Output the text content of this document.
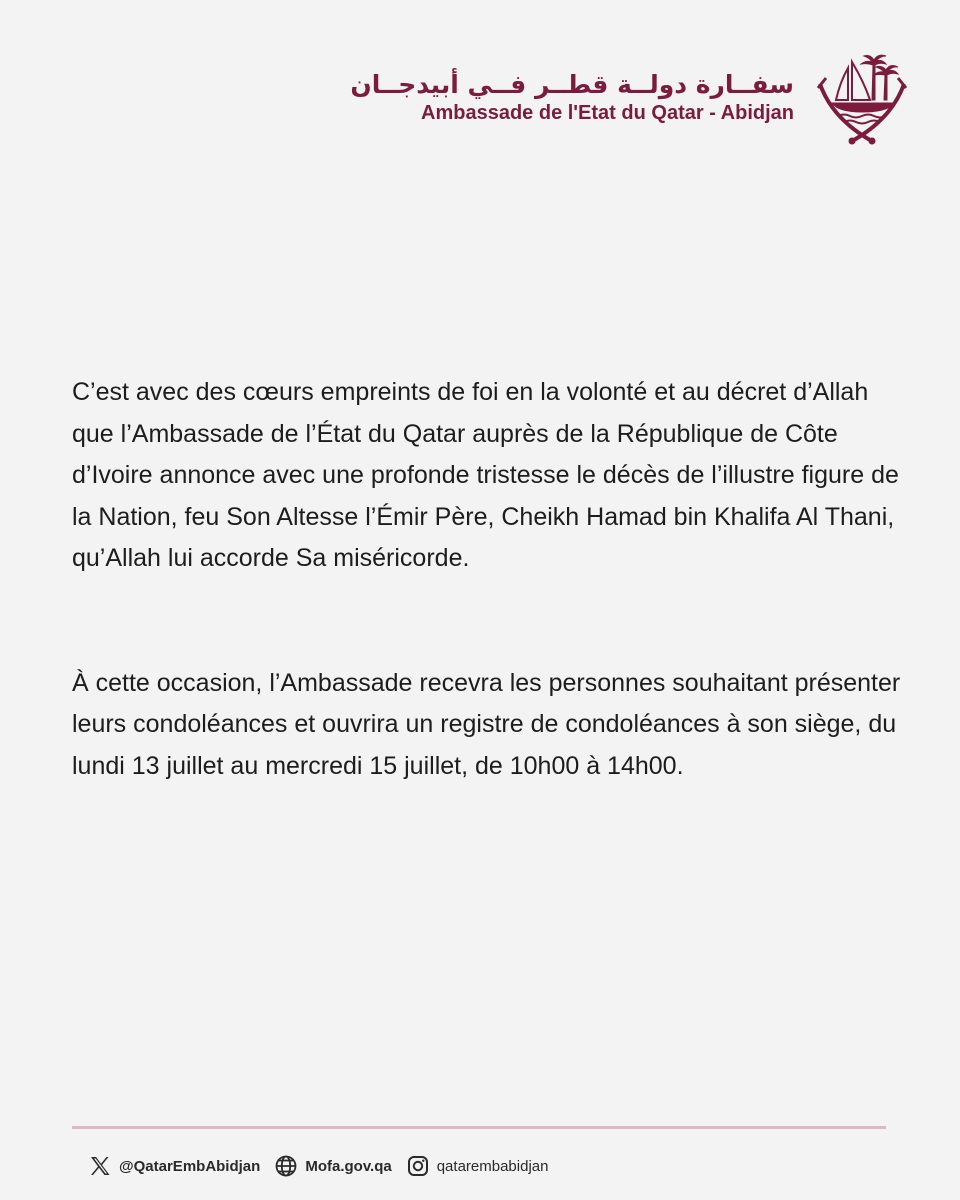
سفــارة دولــة قطــر فــي أبيدجــان
Ambassade de l'Etat du Qatar - Abidjan

C’est avec des cœurs empreints de foi en la volonté et au décret d’Allah que l’Ambassade de l’État du Qatar auprès de la République de Côte d’Ivoire annonce avec une profonde tristesse le décès de l’illustre figure de la Nation, feu Son Altesse l’Émir Père, Cheikh Hamad bin Khalifa Al Thani, qu’Allah lui accorde Sa miséricorde.

À cette occasion, l’Ambassade recevra les personnes souhaitant présenter leurs condoléances et ouvrira un registre de condoléances à son siège, du lundi 13 juillet au mercredi 15 juillet, de 10h00 à 14h00.

@QatarEmbAbidjan	Mofa.gov.qa	qatarembabidjan
